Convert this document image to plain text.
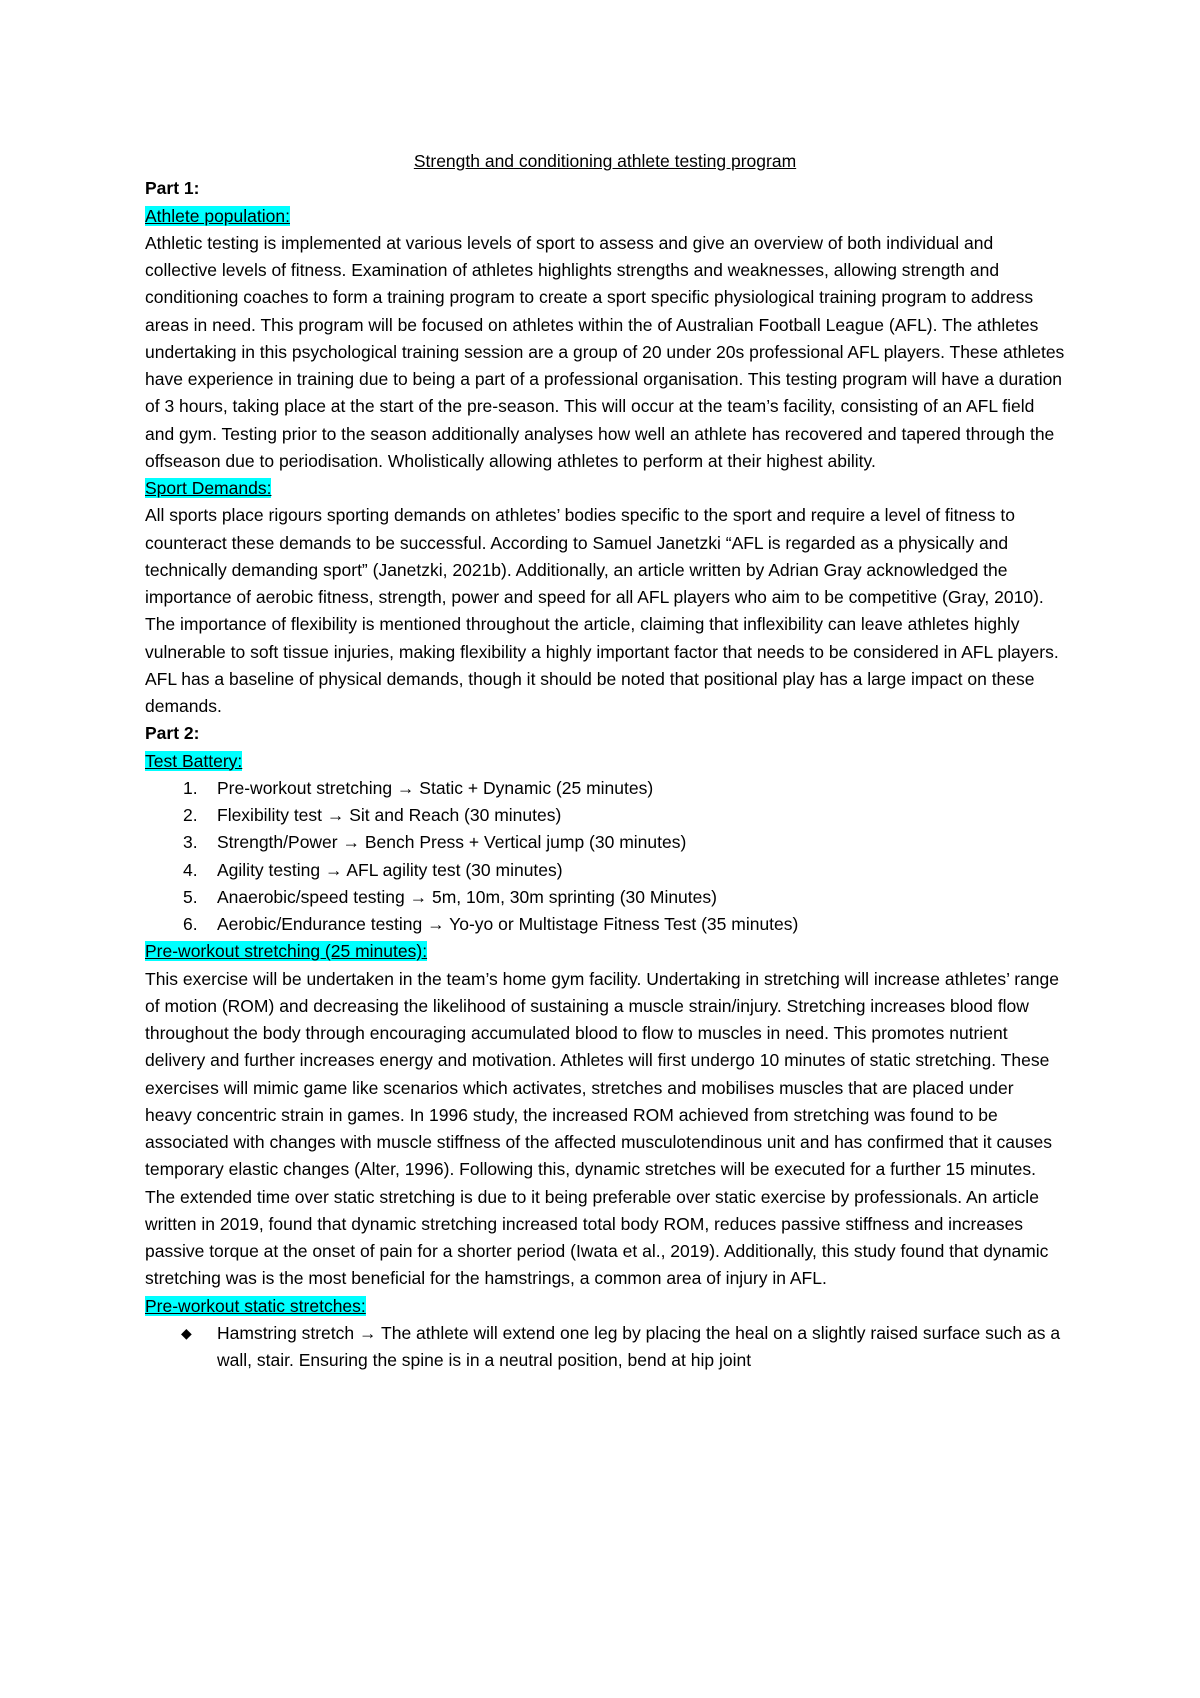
Strength and conditioning athlete testing program

Part 1:

Athlete population:

Athletic testing is implemented at various levels of sport to assess and give an overview of both individual and collective levels of fitness. Examination of athletes highlights strengths and weaknesses, allowing strength and conditioning coaches to form a training program to create a sport specific physiological training program to address areas in need. This program will be focused on athletes within the of Australian Football League (AFL). The athletes undertaking in this psychological training session are a group of 20 under 20s professional AFL players. These athletes have experience in training due to being a part of a professional organisation. This testing program will have a duration of 3 hours, taking place at the start of the pre-season. This will occur at the team’s facility, consisting of an AFL field and gym. Testing prior to the season additionally analyses how well an athlete has recovered and tapered through the offseason due to periodisation. Wholistically allowing athletes to perform at their highest ability.

Sport Demands:

All sports place rigours sporting demands on athletes’ bodies specific to the sport and require a level of fitness to counteract these demands to be successful. According to Samuel Janetzki “AFL is regarded as a physically and technically demanding sport” (Janetzki, 2021b). Additionally, an article written by Adrian Gray acknowledged the importance of aerobic fitness, strength, power and speed for all AFL players who aim to be competitive (Gray, 2010). The importance of flexibility is mentioned throughout the article, claiming that inflexibility can leave athletes highly vulnerable to soft tissue injuries, making flexibility a highly important factor that needs to be considered in AFL players. AFL has a baseline of physical demands, though it should be noted that positional play has a large impact on these demands.

Part 2:

Test Battery:

1. Pre-workout stretching → Static + Dynamic (25 minutes)
2. Flexibility test → Sit and Reach (30 minutes)
3. Strength/Power → Bench Press + Vertical jump (30 minutes)
4. Agility testing → AFL agility test (30 minutes)
5. Anaerobic/speed testing → 5m, 10m, 30m sprinting (30 Minutes)
6. Aerobic/Endurance testing → Yo-yo or Multistage Fitness Test (35 minutes)

Pre-workout stretching (25 minutes):

This exercise will be undertaken in the team’s home gym facility. Undertaking in stretching will increase athletes’ range of motion (ROM) and decreasing the likelihood of sustaining a muscle strain/injury. Stretching increases blood flow throughout the body through encouraging accumulated blood to flow to muscles in need. This promotes nutrient delivery and further increases energy and motivation. Athletes will first undergo 10 minutes of static stretching. These exercises will mimic game like scenarios which activates, stretches and mobilises muscles that are placed under heavy concentric strain in games. In 1996 study, the increased ROM achieved from stretching was found to be associated with changes with muscle stiffness of the affected musculotendinous unit and has confirmed that it causes temporary elastic changes (Alter, 1996). Following this, dynamic stretches will be executed for a further 15 minutes. The extended time over static stretching is due to it being preferable over static exercise by professionals. An article written in 2019, found that dynamic stretching increased total body ROM, reduces passive stiffness and increases passive torque at the onset of pain for a shorter period (Iwata et al., 2019). Additionally, this study found that dynamic stretching was is the most beneficial for the hamstrings, a common area of injury in AFL.

Pre-workout static stretches:

◆ Hamstring stretch → The athlete will extend one leg by placing the heal on a slightly raised surface such as a wall, stair. Ensuring the spine is in a neutral position, bend at hip joint
